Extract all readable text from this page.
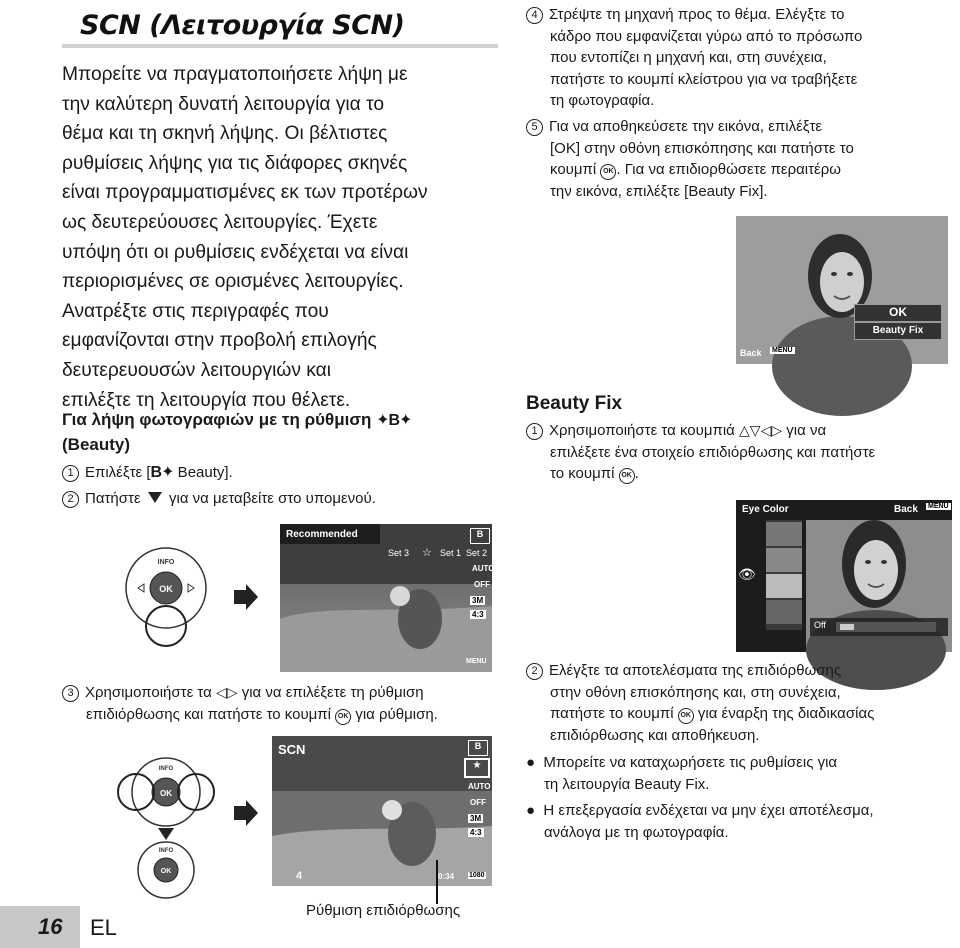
SCN (Λειτουργία SCN)

Μπορείτε να πραγματοποιήσετε λήψη με

την καλύτερη δυνατή λειτουργία για το

θέμα και τη σκηνή λήψης. Οι βέλτιστες

ρυθμίσεις λήψης για τις διάφορες σκηνές

είναι προγραμματισμένες εκ των προτέρων

ως δευτερεύουσες λειτουργίες. Έχετε

υπόψη ότι οι ρυθμίσεις ενδέχεται να είναι

περιορισμένες σε ορισμένες λειτουργίες.

Ανατρέξτε στις περιγραφές που

εμφανίζονται στην προβολή επιλογής

δευτερευουσών λειτουργιών και

επιλέξτε τη λειτουργία που θέλετε.

Για λήψη φωτογραφιών με τη ρύθμιση ✦B✦
(Beauty)
1 Επιλέξτε [B✦ Beauty].
2 Πατήστε για να μεταβείτε στο υπομενού.
OK
INFO
Recommended
Set 3 ☆ Set 1 Set 2
B
AUTO
OFF
3M
4:3
MENU
3 Χρησιμοποιήστε τα ◁▷ για να επιλέξετε τη ρύθμιση
επιδιόρθωσης και πατήστε το κουμπί OK για ρύθμιση.
OK
INFO
OK
INFO
SCN	B
★
AUTO
OFF
3M
4:3
4	0:34 1080
Ρύθμιση επιδιόρθωσης
4 Στρέψτε τη μηχανή προς το θέμα. Ελέγξτε το
κάδρο που εμφανίζεται γύρω από το πρόσωπο
που εντοπίζει η μηχανή και, στη συνέχεια,
πατήστε το κουμπί κλείστρου για να τραβήξετε
τη φωτογραφία.
5 Για να αποθηκεύσετε την εικόνα, επιλέξτε
[OK] στην οθόνη επισκόπησης και πατήστε το
κουμπί OK . Για να επιδιορθώσετε περαιτέρω
την εικόνα, επιλέξτε [Beauty Fix].
OK
Beauty Fix
Back MENU
Beauty Fix
1 Χρησιμοποιήστε τα κουμπιά △▽◁▷ για να
επιλέξετε ένα στοιχείο επιδιόρθωσης και πατήστε
το κουμπί OK .
Eye Color	Back MENU
👁
Off
2 Ελέγξτε τα αποτελέσματα της επιδιόρθωσης
στην οθόνη επισκόπησης και, στη συνέχεια,
πατήστε το κουμπί OK για έναρξη της διαδικασίας
επιδιόρθωσης και αποθήκευση.
●  Μπορείτε να καταχωρήσετε τις ρυθμίσεις για
τη λειτουργία Beauty Fix.
●  Η επεξεργασία ενδέχεται να μην έχει αποτέλεσμα,
ανάλογα με τη φωτογραφία.
16 EL
